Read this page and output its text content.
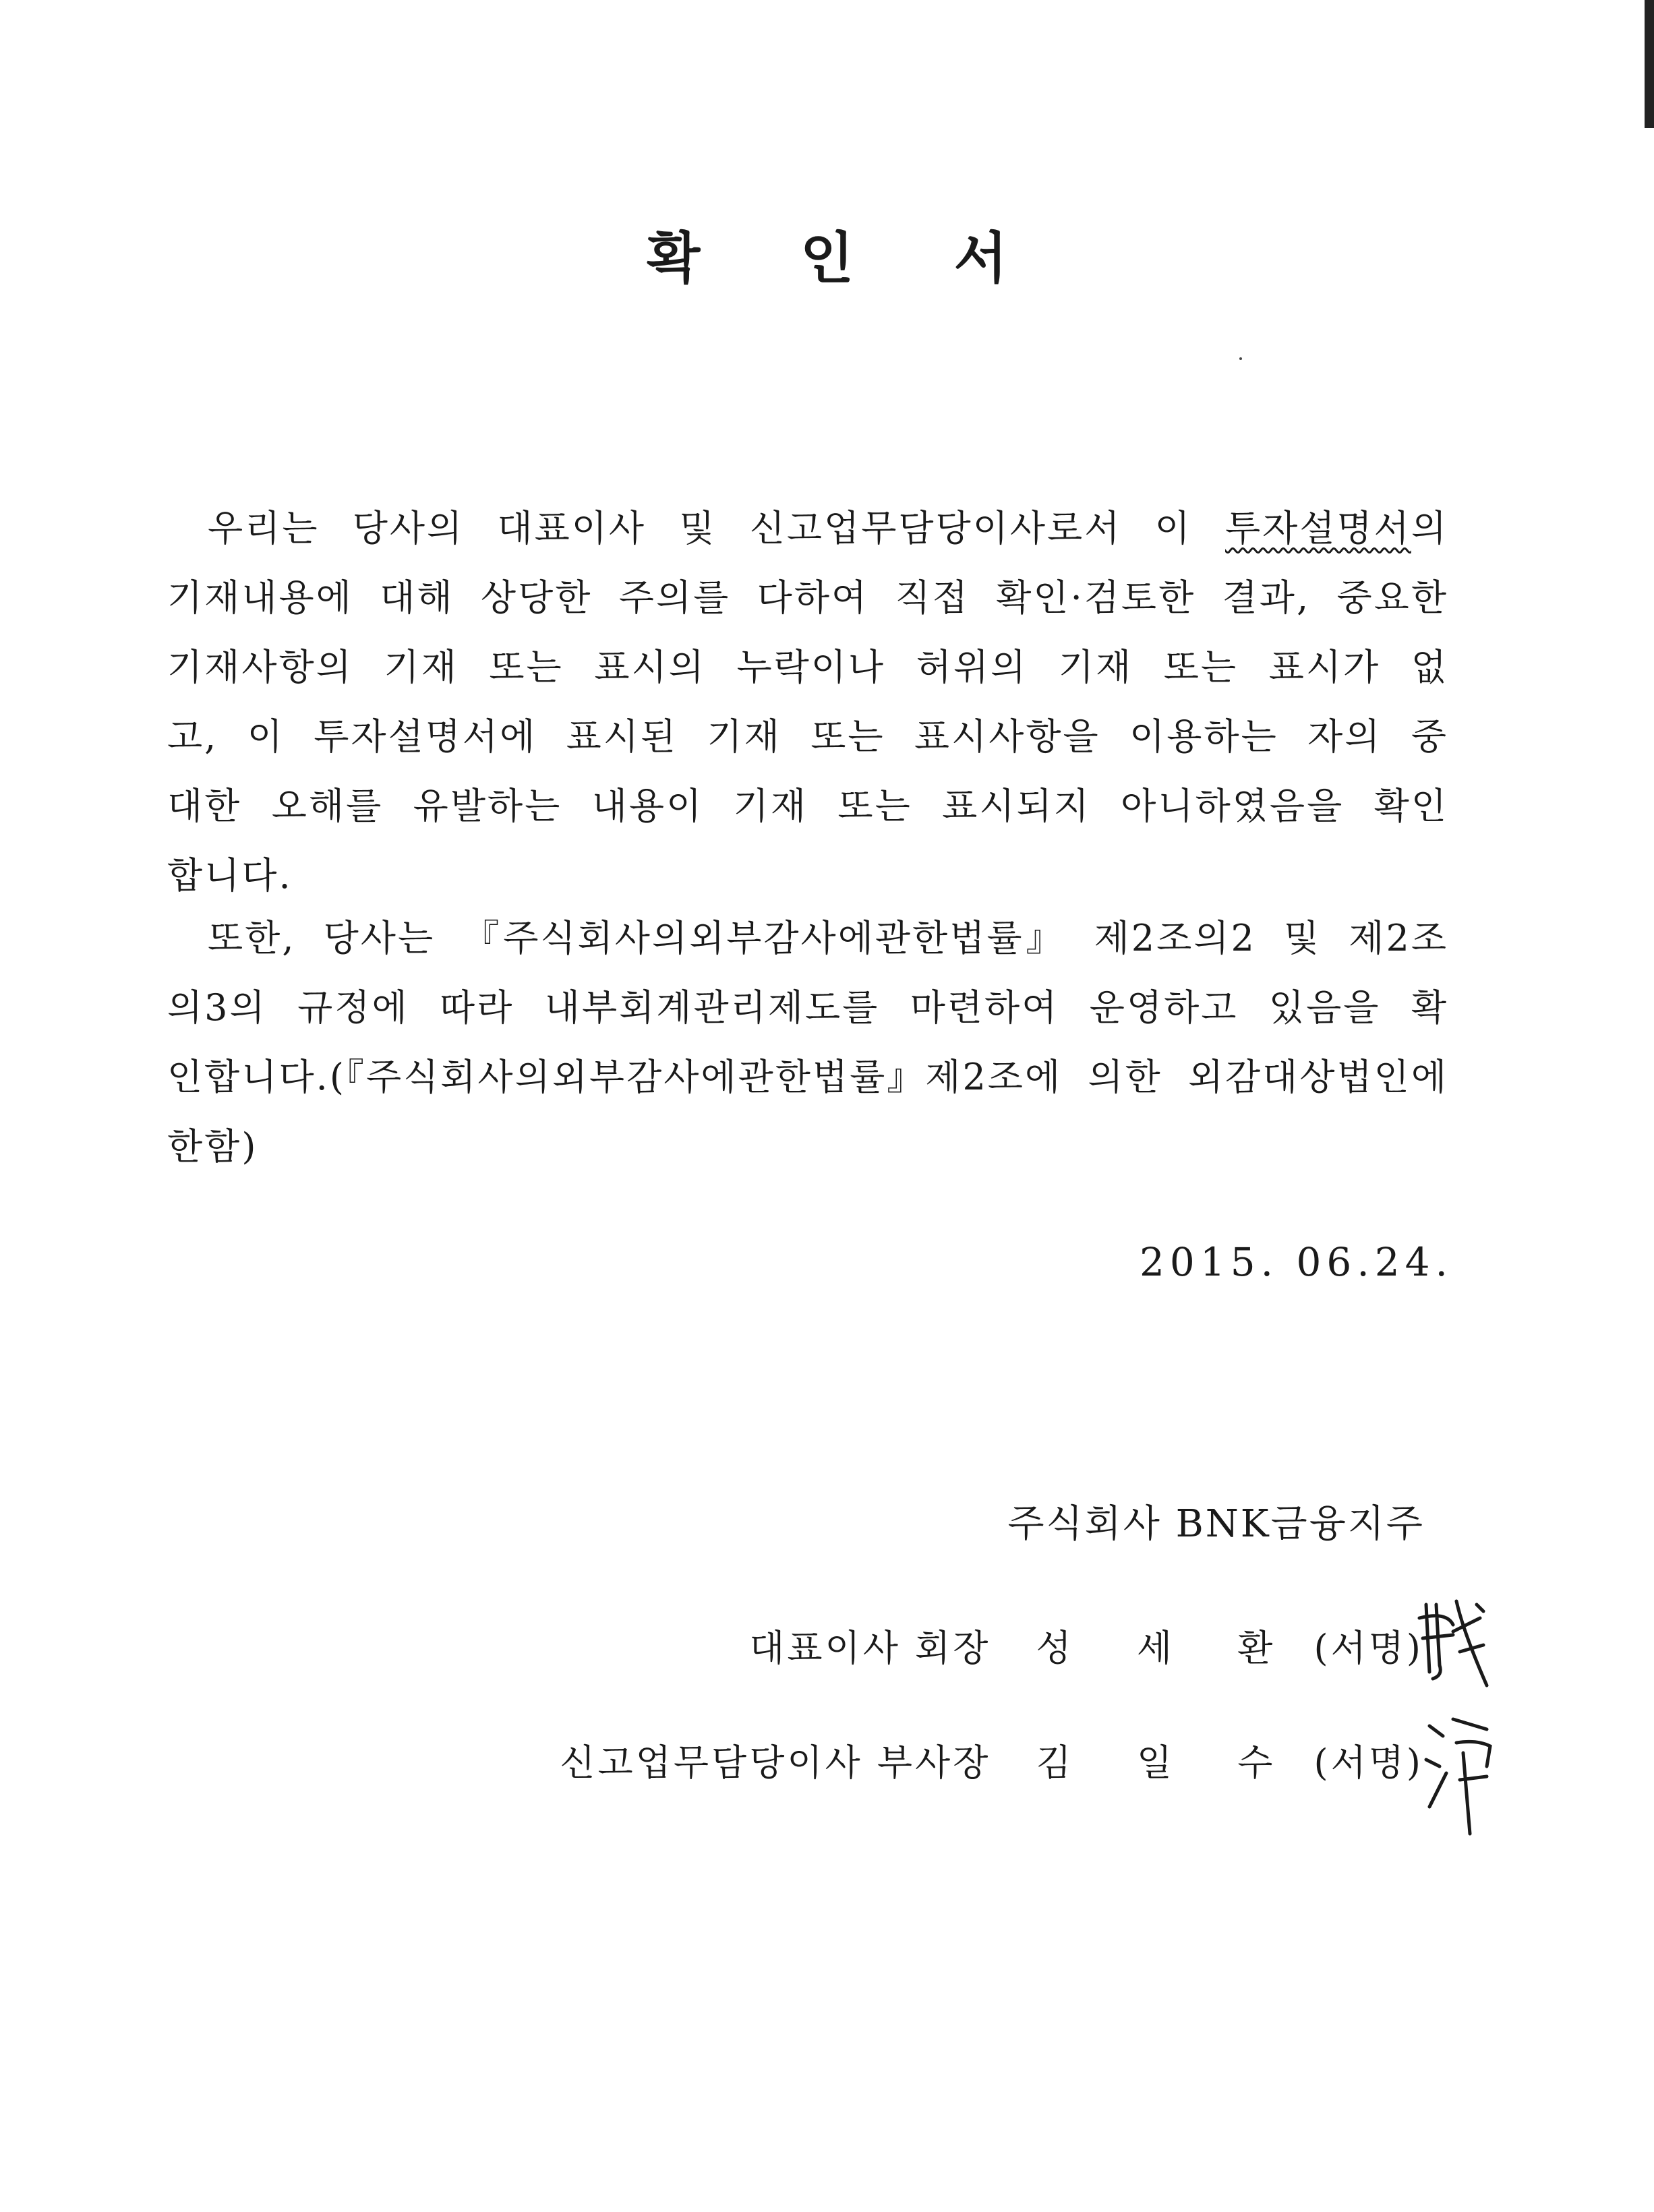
확 인 서

우리는 당사의 대표이사 및 신고업무담당이사로서 이 투자설명서의 기재내용에 대해 상당한 주의를 다하여 직접 확인·검토한 결과, 중요한 기재사항의 기재 또는 표시의 누락이나 허위의 기재 또는 표시가 없고, 이 투자설명서에 표시된 기재 또는 표시사항을 이용하는 자의 중대한 오해를 유발하는 내용이 기재 또는 표시되지 아니하였음을 확인합니다.

또한, 당사는 『주식회사의외부감사에관한법률』 제2조의2 및 제2조의3의 규정에 따라 내부회계관리제도를 마련하여 운영하고 있음을 확인합니다.(『주식회사의외부감사에관한법률』제2조에 의한 외감대상법인에 한함)

2015. 06.24.

주식회사 BNK금융지주

대표이사 회장 성 세 환 (서명)
신고업무담당이사 부사장 김 일 수 (서명)
